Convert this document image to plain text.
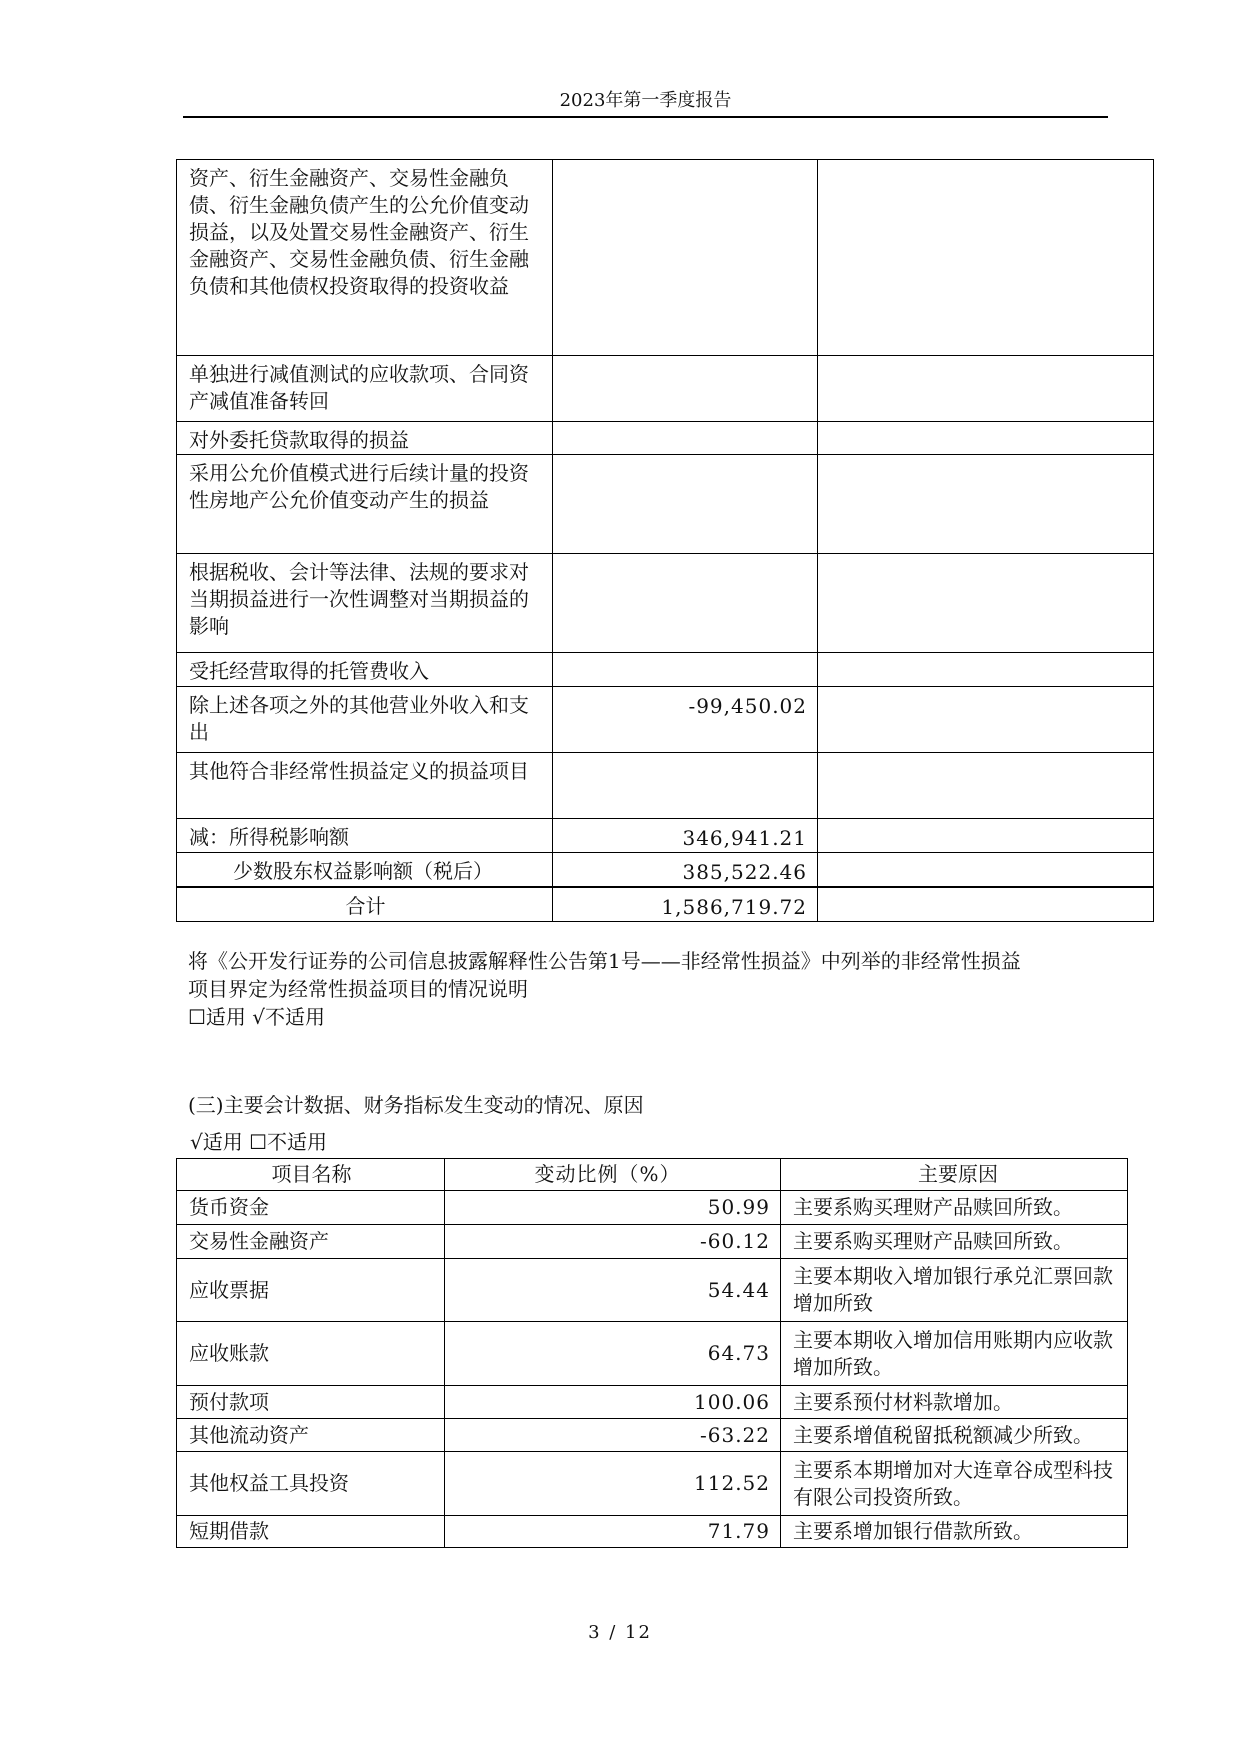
2023年第一季度报告
资产、衍生金融资产、交易性金融负债、衍生金融负债产生的公允价值变动损益，以及处置交易性金融资产、衍生金融资产、交易性金融负债、衍生金融负债和其他债权投资取得的投资收益		
单独进行减值测试的应收款项、合同资产减值准备转回		
对外委托贷款取得的损益		
采用公允价值模式进行后续计量的投资性房地产公允价值变动产生的损益		
根据税收、会计等法律、法规的要求对当期损益进行一次性调整对当期损益的影响		
受托经营取得的托管费收入		
除上述各项之外的其他营业外收入和支出	-99,450.02	
其他符合非经常性损益定义的损益项目		
减：所得税影响额	346,941.21	
少数股东权益影响额（税后）	385,522.46	
合计	1,586,719.72	
将《公开发行证券的公司信息披露解释性公告第1号——非经常性损益》中列举的非经常性损益
项目界定为经常性损益项目的情况说明
☐适用 √不适用
(三)主要会计数据、财务指标发生变动的情况、原因
√适用 ☐不适用
项目名称	变动比例（%）	主要原因
货币资金	50.99	主要系购买理财产品赎回所致。
交易性金融资产	-60.12	主要系购买理财产品赎回所致。
应收票据	54.44	主要本期收入增加银行承兑汇票回款增加所致
应收账款	64.73	主要本期收入增加信用账期内应收款增加所致。
预付款项	100.06	主要系预付材料款增加。
其他流动资产	-63.22	主要系增值税留抵税额减少所致。
其他权益工具投资	112.52	主要系本期增加对大连章谷成型科技有限公司投资所致。
短期借款	71.79	主要系增加银行借款所致。
3 / 12
